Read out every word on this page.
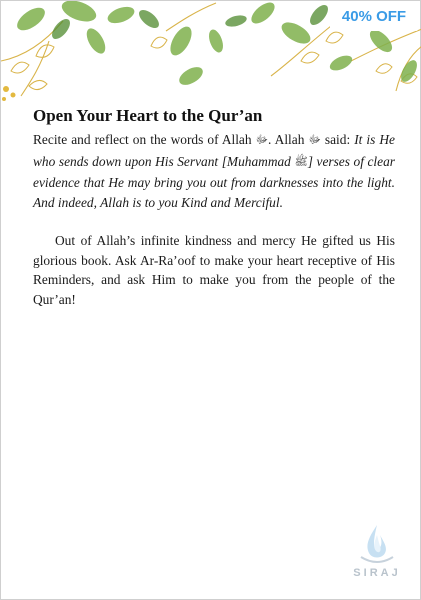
40% OFF
Open Your Heart to the Qur’an

Recite and reflect on the words of Allah ﷻ. Allah ﷻ said: It is He who sends down upon His Servant [Muhammad ﷺ] verses of clear evidence that He may bring you out from darknesses into the light. And indeed, Allah is to you Kind and Merciful.

Out of Allah’s infinite kindness and mercy He gifted us His glorious book. Ask Ar-Ra’oof to make your heart receptive of His Reminders, and ask Him to make you from the people of the Qur’an!

SIRAJ
